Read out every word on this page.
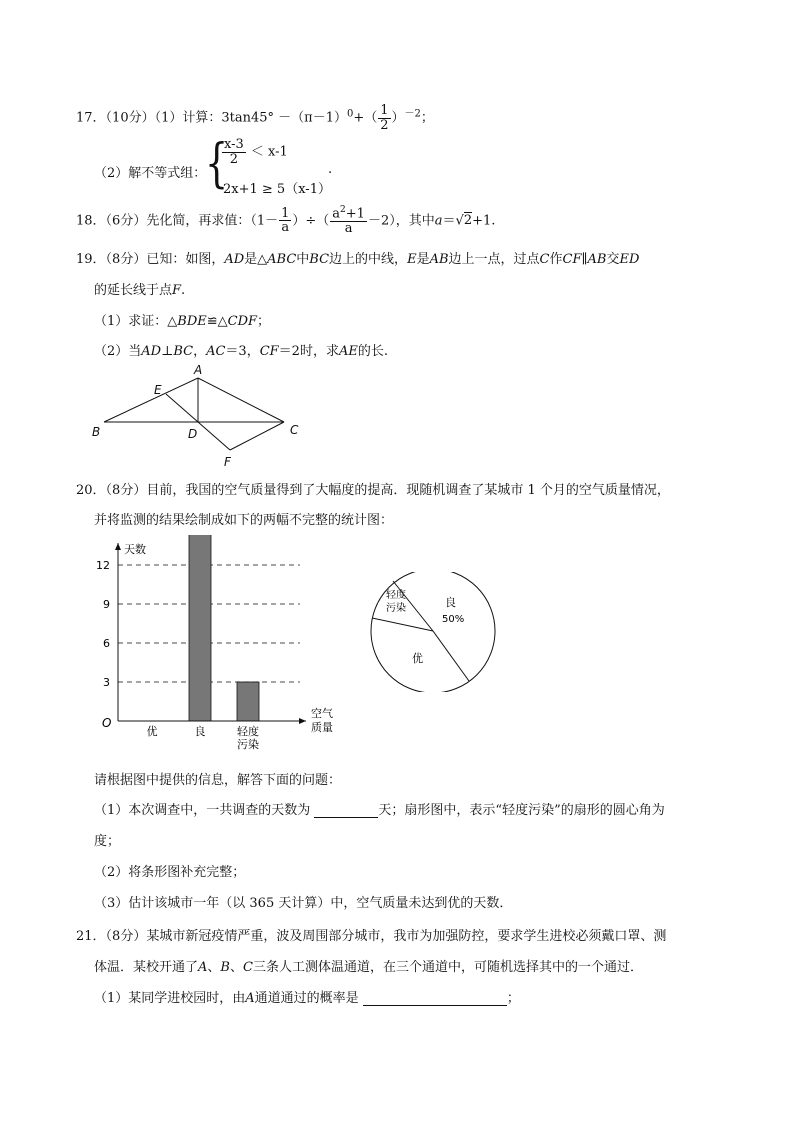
17．（10分）（1）计算：$3\tan 45^\circ -(\pi-1)^0+( \frac{1}{2} )^{-2}$；
（2）解不等式组：
{
$\frac{x-3}{2} < x-1$
2x+1 ≥ 5（x-1）
.
18．（6分）先化简，再求值：（$1- \frac{1}{a}$ ）÷（ $\frac{a^2+1}{a} -2$），其中a＝√2+1.
19．（8分）已知：如图，AD是△ABC中BC边上的中线，E是AB边上一点，过点C作CF∥AB交ED
的延长线于点F.
（1）求证：△BDE≌△CDF；
（2）当AD⊥BC，AC＝3，CF＝2时，求AE的长.
A
E
B	D	C
F
20．（8分）目前，我国的空气质量得到了大幅度的提高．现随机调查了某城市 1 个月的空气质量情况，
并将监测的结果绘制成如下的两幅不完整的统计图：
3
6
9
12
O
天数
优	良	轻度
污染
空气
质量
良
50%
轻度
污染
优
请根据图中提供的信息，解答下面的问题：
（1）本次调查中，一共调查的天数为	天；扇形图中，表示“轻度污染”的扇形的圆心角为
度；
（2）将条形图补充完整；
（3）估计该城市一年（以 365 天计算）中，空气质量未达到优的天数．
21．（8分）某城市新冠疫情严重，波及周围部分城市，我市为加强防控，要求学生进校必须戴口罩、测
体温．某校开通了A、B、C三条人工测体温通道，在三个通道中，可随机选择其中的一个通过．
（1）某同学进校园时，由A通道通过的概率是	；
